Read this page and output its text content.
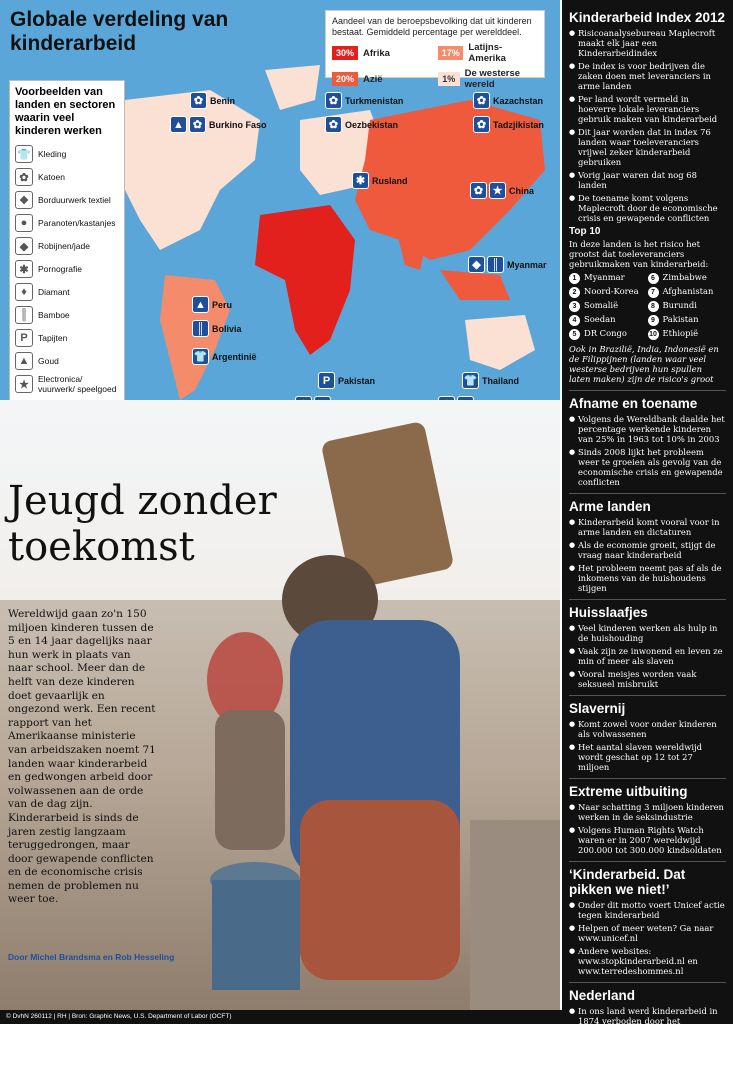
Globale verdeling van kinderarbeid
Aandeel van de beroepsbevolking dat uit kinderen bestaat. Gemiddeld percentage per werelddeel.
30% Afrika	17% Latijns-Amerika
20% Azië	1% De westerse wereld
Voorbeelden van landen en sectoren waarin veel kinderen werken
👕 Kleding
✿	Katoen
❖	Borduurwerk textiel
●	Paranoten/kastanjes
◆	Robijnen/jade
✱	Pornografie
♦	Diamant
║	Bamboe
P	Tapijten
▲	Goud
★	Electronica/ vuurwerk/ speelgoed
✿ Benin
▲ ✿ Burkino Faso
✿ Turkmenistan
✿ Oezbekistan
✿ Kazachstan
✿ Tadzjikistan
✱ Rusland
✿ ★ China
◆ ║ Myanmar
▲ Peru
║ Bolivia
👕 Argentinië
P Pakistan	👕 Thailand
Jeugd zonder toekomst
Wereldwijd gaan zo'n 150 miljoen kinderen tussen de 5 en 14 jaar dagelijks naar hun werk in plaats van naar school. Meer dan de helft van deze kinderen doet gevaarlijk en ongezond werk. Een recent rapport van het Amerikaanse ministerie van arbeidszaken noemt 71 landen waar kinderarbeid en gedwongen arbeid door volwassenen aan de orde van de dag zijn. Kinderarbeid is sinds de jaren zestig langzaam teruggedrongen, maar door gewapende conflicten en de economische crisis nemen de problemen nu weer toe.
Door Michel Brandsma en Rob Hesseling
© DvhN 260112 | RH | Bron: Graphic News, U.S. Department of Labor (OCFT)
Kinderarbeid Index 2012
● Risicoanalysebureau Maplecroft maakt elk jaar een Kinderarbeidindex
● De index is voor bedrijven die zaken doen met leveranciers in arme landen
● Per land wordt vermeld in hoeverre lokale leveranciers gebruik maken van kinderarbeid
● Dit jaar worden dat in index 76 landen waar toeleveranciers vrijwel zeker kinderarbeid gebruiken
● Vorig jaar waren dat nog 68 landen
● De toename komt volgens Maplecroft door de economische crisis en gewapende conflicten
Top 10

In deze landen is het risico het grootst dat toeleveranciers gebruikmaken van kinderarbeid:

1 Myanmar	6 Zimbabwe
2 Noord-Korea	7 Afghanistan
3 Somalië	8 Burundi
4 Soedan	9 Pakistan
5 DR Congo	10 Ethiopië

Ook in Brazilië, India, Indonesië en de Filippijnen (landen waar veel westerse bedrijven hun spullen laten maken) zijn de risico's groot

Afname en toename
● Volgens de Wereldbank daalde het percentage werkende kinderen van 25% in 1963 tot 10% in 2003
● Sinds 2008 lijkt het probleem weer te groeien als gevolg van de economische crisis en gewapende conflicten
Arme landen
● Kinderarbeid komt vooral voor in arme landen en dictaturen
● Als de economie groeit, stijgt de vraag naar kinderarbeid
● Het probleem neemt pas af als de inkomens van de huishoudens stijgen
Huisslaafjes
● Veel kinderen werken als hulp in de huishouding
● Vaak zijn ze inwonend en leven ze min of meer als slaven
● Vooral meisjes worden vaak seksueel misbruikt
Slavernij
● Komt zowel voor onder kinderen als volwassenen
● Het aantal slaven wereldwijd wordt geschat op 12 tot 27 miljoen
Extreme uitbuiting
● Naar schatting 3 miljoen kinderen werken in de seksindustrie
● Volgens Human Rights Watch waren er in 2007 wereldwijd 200.000 tot 300.000 kindsoldaten
‘Kinderarbeid. Dat pikken we niet!’
● Onder dit motto voert Unicef actie tegen kinderarbeid
● Helpen of meer weten? Ga naar www.unicef.nl
● Andere websites: www.stopkinderarbeid.nl en www.terredeshommes.nl
Nederland
● In ons land werd kinderarbeid in 1874 verboden door het kinderwetje van Van Houten
● Pas na de invoering van de leerplicht in 1900 werd het probleem echt teruggedrongen
